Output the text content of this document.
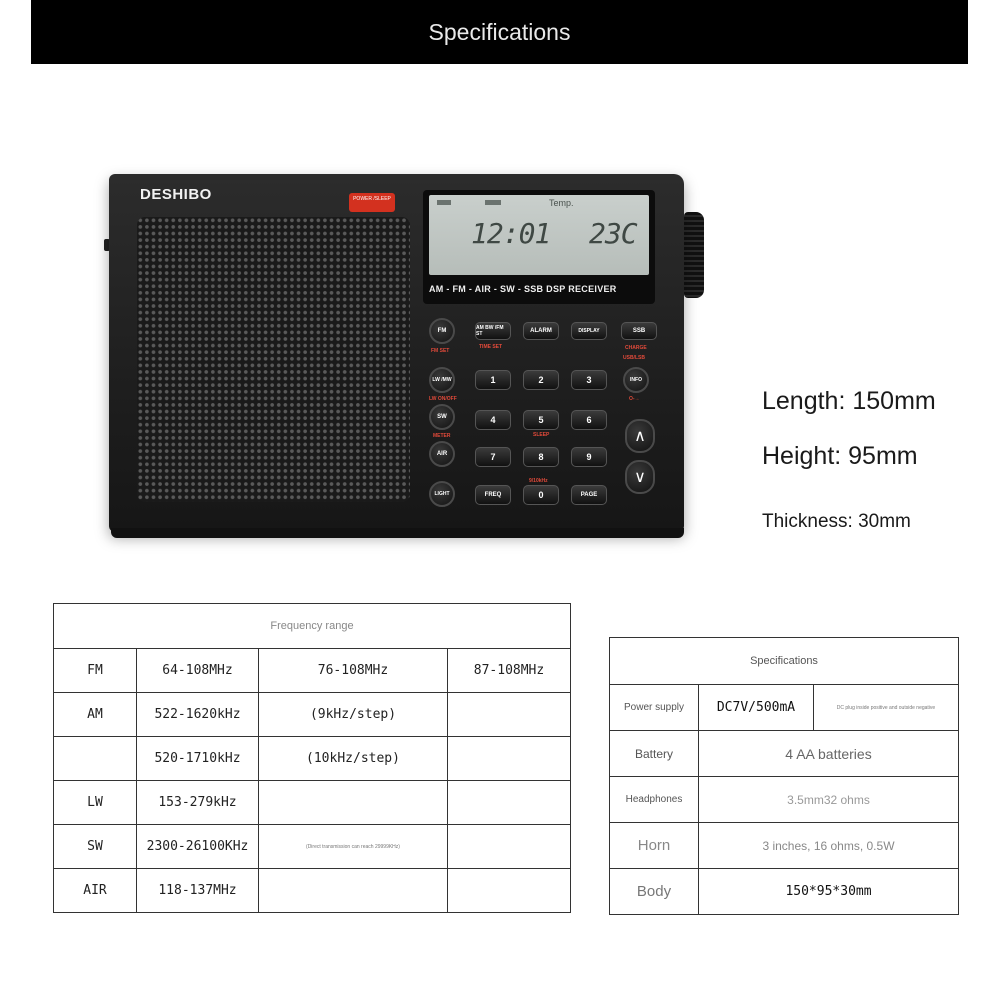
Specifications
DESHIBO	POWER /SLEEP	Temp.
12:01 23C
AM - FM - AIR - SW - SSB DSP RECEIVER
FM
FM SET
AM BW /FM ST
TIME SET
ALARM	DISPLAY	SSB
CHARGE
USB/LSB
LW /MW
LW ON/OFF
SW
METER
AIR
LIGHT
1	2	3
4	5
SLEEP
6
7	8	9
9/10kHz
FREQ	0	PAGE
INFO
O-→
∧
∨
Length: 150mm
Height: 95mm
Thickness: 30mm
Frequency range			
FM	64-108MHz	76-108MHz	87-108MHz
AM	522-1620kHz	(9kHz/step)	
	520-1710kHz	(10kHz/step)	
LW	153-279kHz		
SW	2300-26100KHz	(Direct transmission can reach 29999KHz)	
AIR	118-137MHz		
Specifications		
Power supply	DC7V/500mA	DC plug inside positive and outside negative
Battery	4 AA batteries	
Headphones	3.5mm32 ohms	
Horn	3 inches, 16 ohms, 0.5W	
Body	150*95*30mm	
